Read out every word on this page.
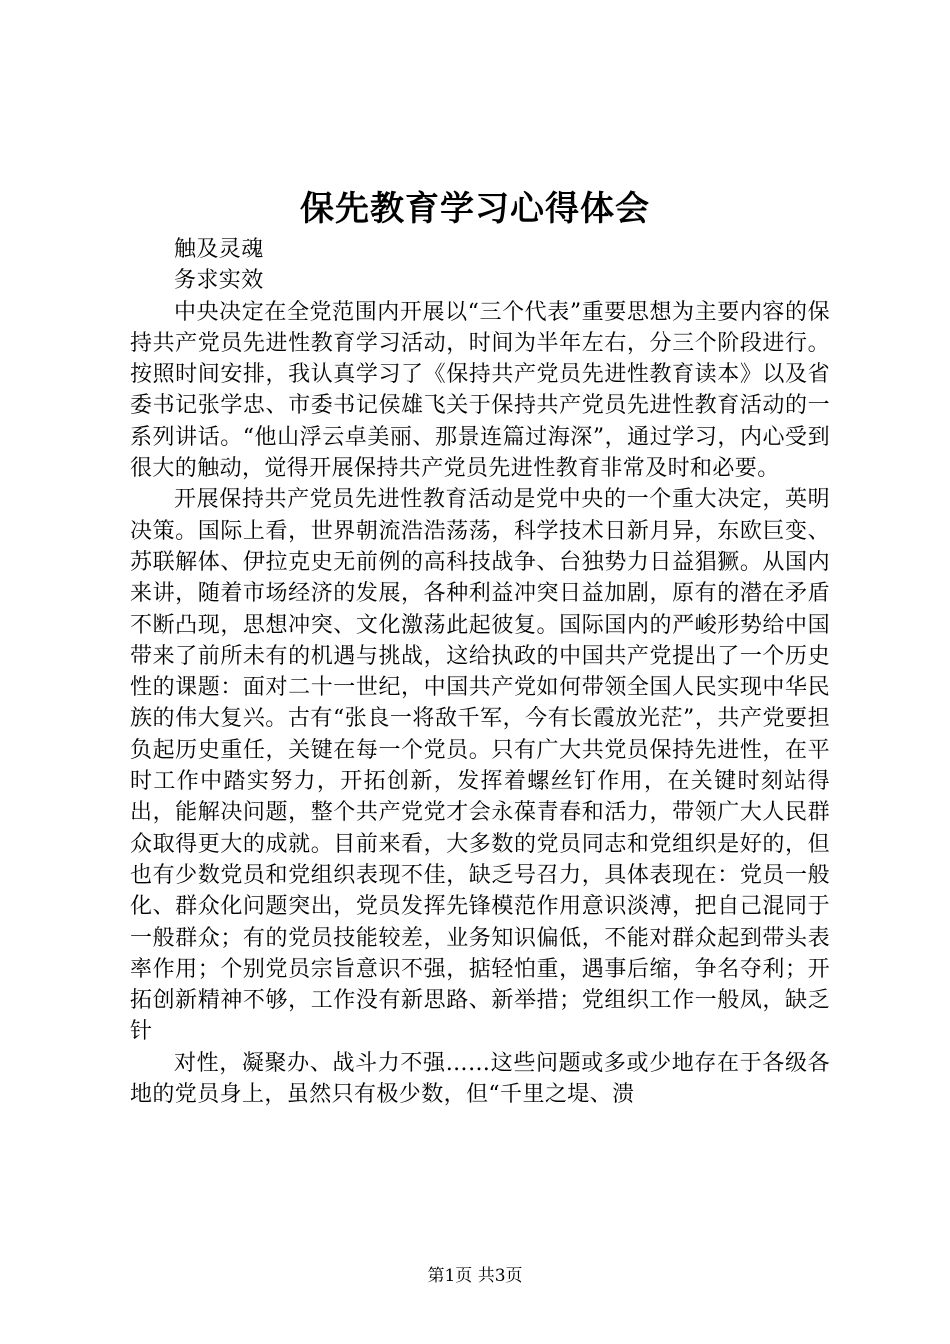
保先教育学习心得体会

触及灵魂

务求实效

中央决定在全党范围内开展以“三个代表”重要思想为主要内容的保持共产党员先进性教育学习活动，时间为半年左右，分三个阶段进行。按照时间安排，我认真学习了《保持共产党员先进性教育读本》以及省委书记张学忠、市委书记侯雄飞关于保持共产党员先进性教育活动的一系列讲话。“他山浮云卓美丽、那景连篇过海深”，通过学习，内心受到很大的触动，觉得开展保持共产党员先进性教育非常及时和必要。

开展保持共产党员先进性教育活动是党中央的一个重大决定，英明决策。国际上看，世界朝流浩浩荡荡，科学技术日新月异，东欧巨变、苏联解体、伊拉克史无前例的高科技战争、台独势力日益猖獗。从国内来讲，随着市场经济的发展，各种利益冲突日益加剧，原有的潜在矛盾不断凸现，思想冲突、文化激荡此起彼复。国际国内的严峻形势给中国带来了前所未有的机遇与挑战，这给执政的中国共产党提出了一个历史性的课题：面对二十一世纪，中国共产党如何带领全国人民实现中华民族的伟大复兴。古有“张良一将敌千军，今有长霞放光茫”，共产党要担负起历史重任，关键在每一个党员。只有广大共党员保持先进性，在平时工作中踏实努力，开拓创新，发挥着螺丝钉作用，在关键时刻站得出，能解决问题，整个共产党党才会永葆青春和活力，带领广大人民群众取得更大的成就。目前来看，大多数的党员同志和党组织是好的，但也有少数党员和党组织表现不佳，缺乏号召力，具体表现在：党员一般化、群众化问题突出，党员发挥先锋模范作用意识淡溥，把自己混同于一般群众；有的党员技能较差，业务知识偏低，不能对群众起到带头表率作用；个别党员宗旨意识不强，掂轻怕重，遇事后缩，争名夺利；开拓创新精神不够，工作没有新思路、新举措；党组织工作一般凤，缺乏针

对性，凝聚办、战斗力不强……这些问题或多或少地存在于各级各地的党员身上，虽然只有极少数，但“千里之堤、溃

第1页 共3页
